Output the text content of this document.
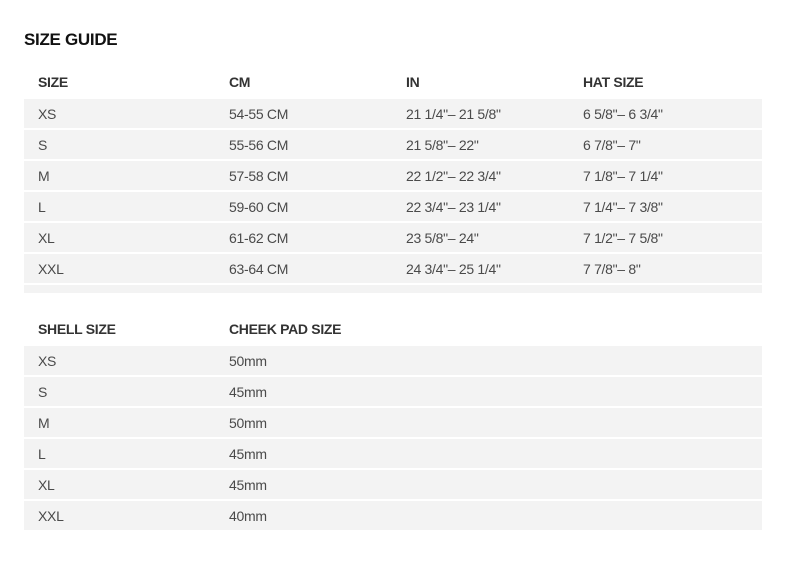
SIZE GUIDE
SIZE	CM	IN	HAT SIZE
XS	54-55 CM	21 1/4"– 21 5/8"	6 5/8"– 6 3/4"
S	55-56 CM	21 5/8"– 22"	6 7/8"– 7"
M	57-58 CM	22 1/2"– 22 3/4"	7 1/8"– 7 1/4"
L	59-60 CM	22 3/4"– 23 1/4"	7 1/4"– 7 3/8"
XL	61-62 CM	23 5/8"– 24"	7 1/2"– 7 5/8"
XXL	63-64 CM	24 3/4"– 25 1/4"	7 7/8"– 8"
SHELL SIZE	CHEEK PAD SIZE
XS	50mm
S	45mm
M	50mm
L	45mm
XL	45mm
XXL	40mm
